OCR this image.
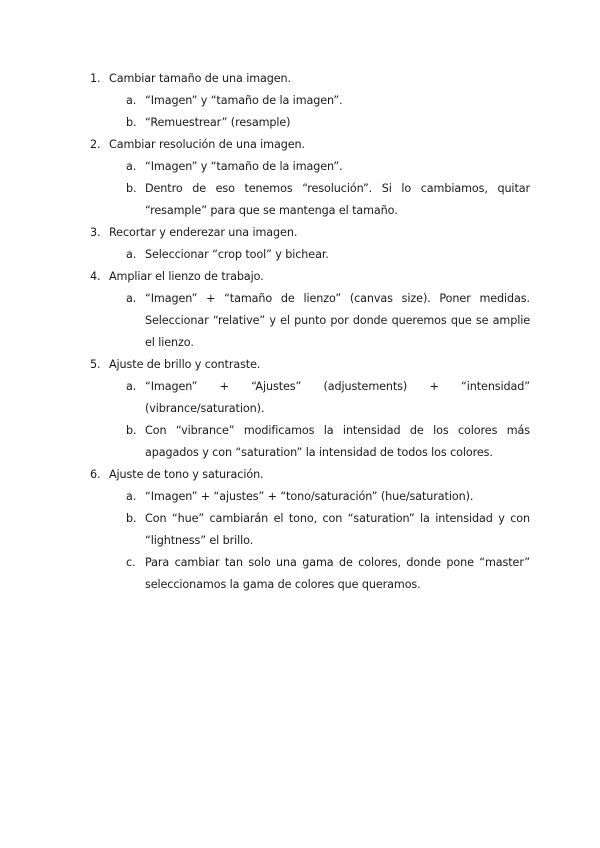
1. Cambiar tamaño de una imagen.
a. “Imagen” y “tamaño de la imagen”.
b. “Remuestrear” (resample)
2. Cambiar resolución de una imagen.
a. “Imagen” y “tamaño de la imagen”.
b. Dentro de eso tenemos “resolución”. Si lo cambiamos, quitar “resample” para que se mantenga el tamaño.
3. Recortar y enderezar una imagen.
a. Seleccionar “crop tool” y bichear.
4. Ampliar el lienzo de trabajo.
a. “Imagen” + “tamaño de lienzo” (canvas size). Poner medidas. Seleccionar “relative” y el punto por donde queremos que se amplie el lienzo.
5. Ajuste de brillo y contraste.
a. “Imagen” + “Ajustes” (adjustements) + “intensidad” (vibrance/saturation).
b. Con “vibrance” modificamos la intensidad de los colores más apagados y con “saturation” la intensidad de todos los colores.
6. Ajuste de tono y saturación.
a. “Imagen” + “ajustes” + “tono/saturación” (hue/saturation).
b. Con “hue” cambiarán el tono, con “saturation” la intensidad y con “lightness” el brillo.
c. Para cambiar tan solo una gama de colores, donde pone “master” seleccionamos la gama de colores que queramos.
